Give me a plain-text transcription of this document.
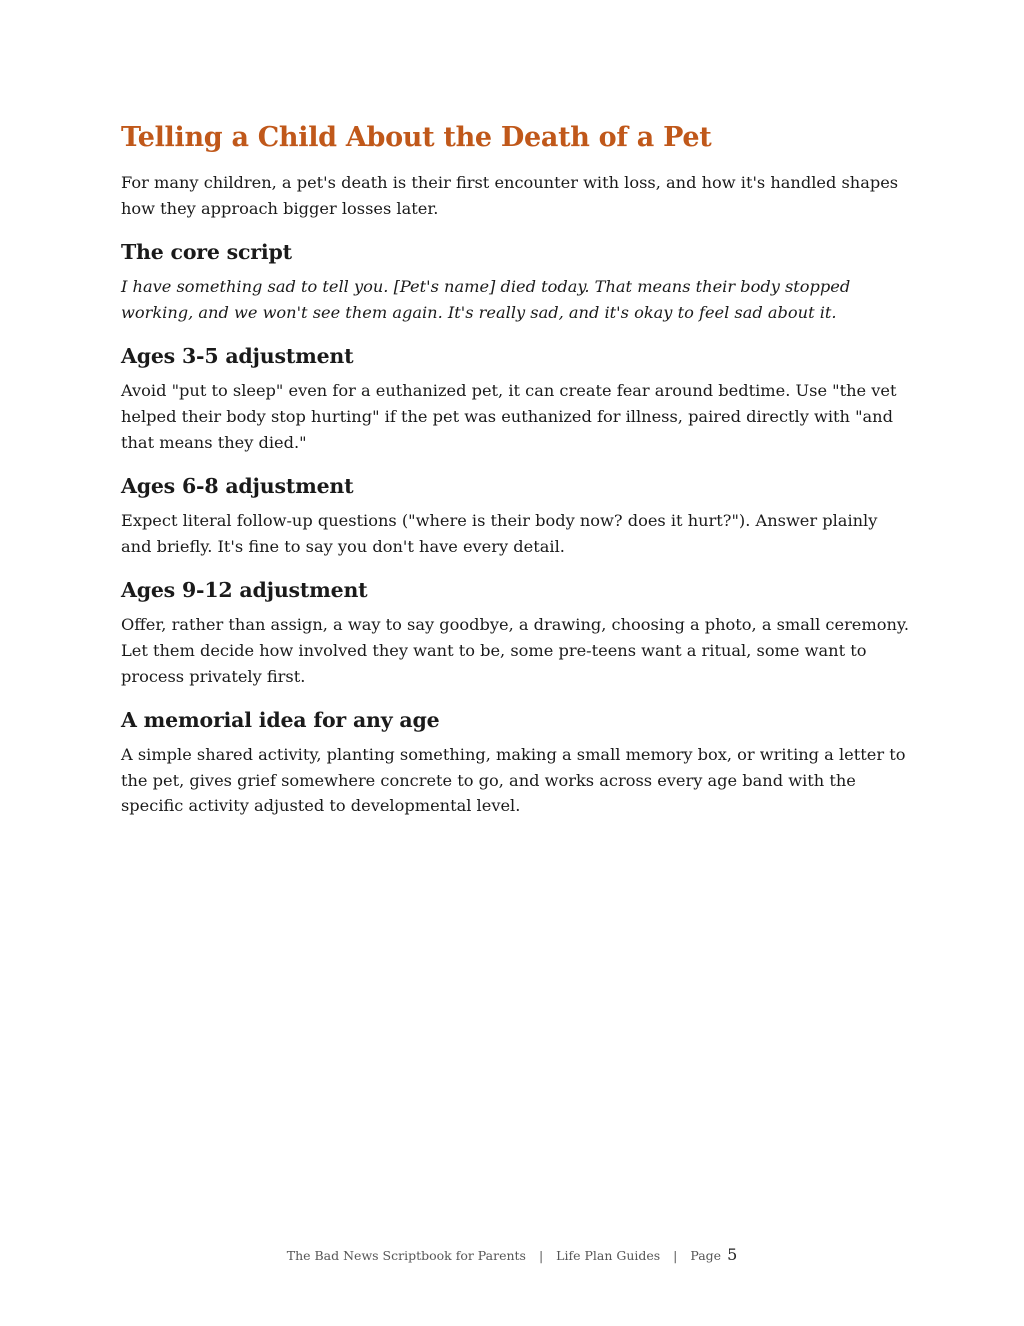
Telling a Child About the Death of a Pet

For many children, a pet's death is their first encounter with loss, and how it's handled shapes how they approach bigger losses later.

The core script

I have something sad to tell you. [Pet's name] died today. That means their body stopped working, and we won't see them again. It's really sad, and it's okay to feel sad about it.

Ages 3-5 adjustment

Avoid "put to sleep" even for a euthanized pet, it can create fear around bedtime. Use "the vet helped their body stop hurting" if the pet was euthanized for illness, paired directly with "and that means they died."

Ages 6-8 adjustment

Expect literal follow-up questions ("where is their body now? does it hurt?"). Answer plainly and briefly. It's fine to say you don't have every detail.

Ages 9-12 adjustment

Offer, rather than assign, a way to say goodbye, a drawing, choosing a photo, a small ceremony. Let them decide how involved they want to be, some pre-teens want a ritual, some want to process privately first.

A memorial idea for any age

A simple shared activity, planting something, making a small memory box, or writing a letter to the pet, gives grief somewhere concrete to go, and works across every age band with the specific activity adjusted to developmental level.

The Bad News Scriptbook for Parents | Life Plan Guides | Page 5
